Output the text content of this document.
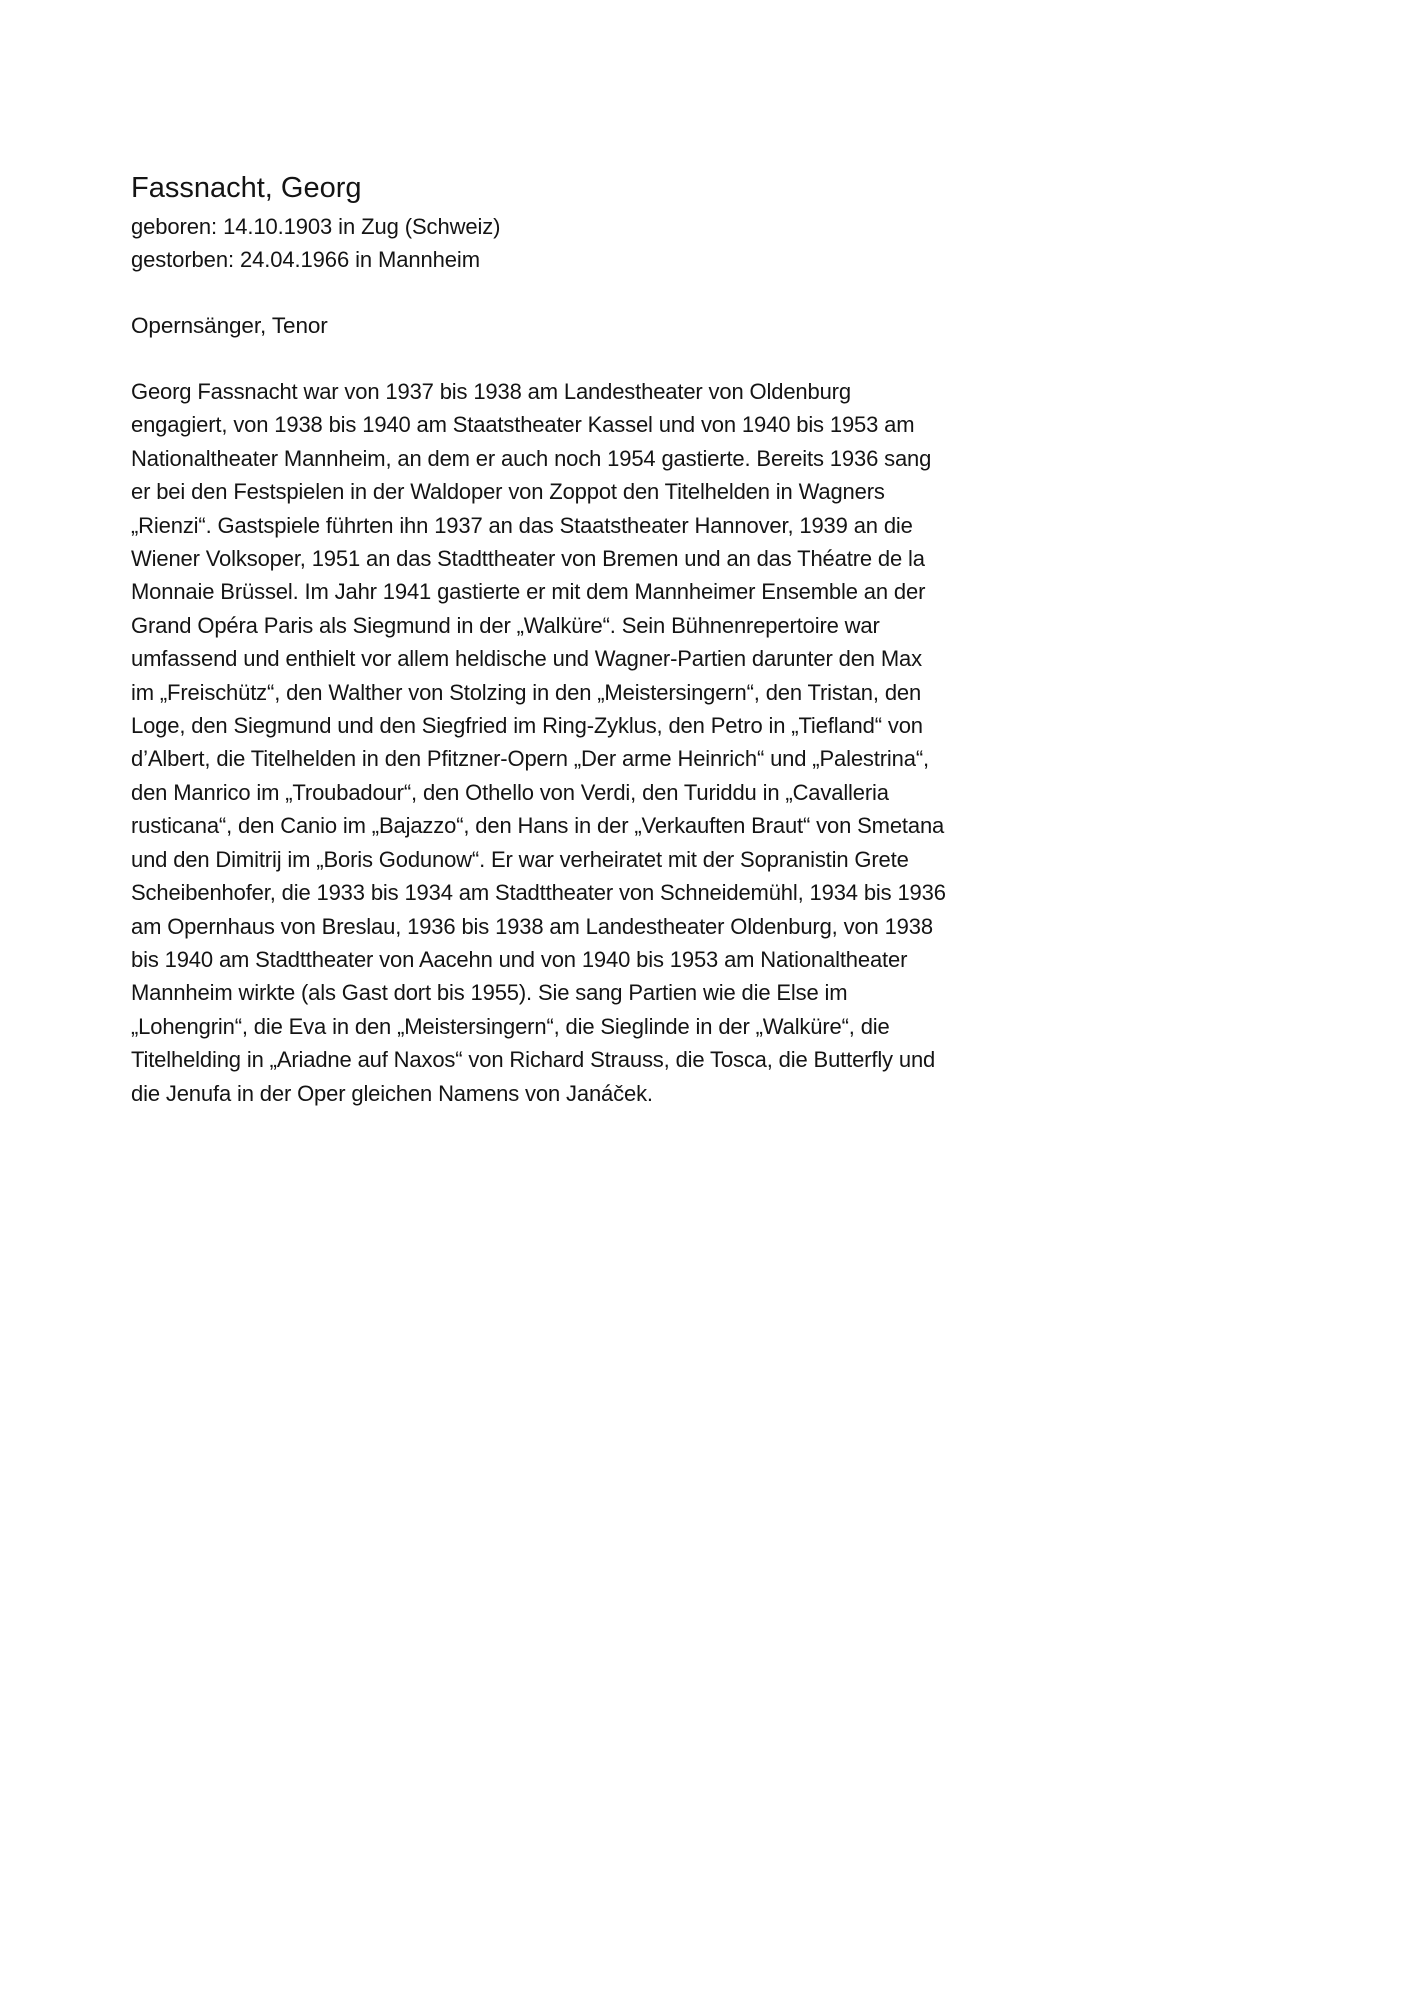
Fassnacht, Georg
geboren: 14.10.1903 in Zug (Schweiz)
gestorben: 24.04.1966 in Mannheim
Opernsänger, Tenor
Georg Fassnacht war von 1937 bis 1938 am Landestheater von Oldenburg
engagiert, von 1938 bis 1940 am Staatstheater Kassel und von 1940 bis 1953 am
Nationaltheater Mannheim, an dem er auch noch 1954 gastierte. Bereits 1936 sang
er bei den Festspielen in der Waldoper von Zoppot den Titelhelden in Wagners
„Rienzi“. Gastspiele führten ihn 1937 an das Staatstheater Hannover, 1939 an die
Wiener Volksoper, 1951 an das Stadttheater von Bremen und an das Théatre de la
Monnaie Brüssel. Im Jahr 1941 gastierte er mit dem Mannheimer Ensemble an der
Grand Opéra Paris als Siegmund in der „Walküre“. Sein Bühnenrepertoire war
umfassend und enthielt vor allem heldische und Wagner-Partien darunter den Max
im „Freischütz“, den Walther von Stolzing in den „Meistersingern“, den Tristan, den
Loge, den Siegmund und den Siegfried im Ring-Zyklus, den Petro in „Tiefland“ von
d’Albert, die Titelhelden in den Pfitzner-Opern „Der arme Heinrich“ und „Palestrina“,
den Manrico im „Troubadour“, den Othello von Verdi, den Turiddu in „Cavalleria
rusticana“, den Canio im „Bajazzo“, den Hans in der „Verkauften Braut“ von Smetana
und den Dimitrij im „Boris Godunow“. Er war verheiratet mit der Sopranistin Grete
Scheibenhofer, die 1933 bis 1934 am Stadttheater von Schneidemühl, 1934 bis 1936
am Opernhaus von Breslau, 1936 bis 1938 am Landestheater Oldenburg, von 1938
bis 1940 am Stadttheater von Aacehn und von 1940 bis 1953 am Nationaltheater
Mannheim wirkte (als Gast dort bis 1955). Sie sang Partien wie die Else im
„Lohengrin“, die Eva in den „Meistersingern“, die Sieglinde in der „Walküre“, die
Titelhelding in „Ariadne auf Naxos“ von Richard Strauss, die Tosca, die Butterfly und
die Jenufa in der Oper gleichen Namens von Janáček.
